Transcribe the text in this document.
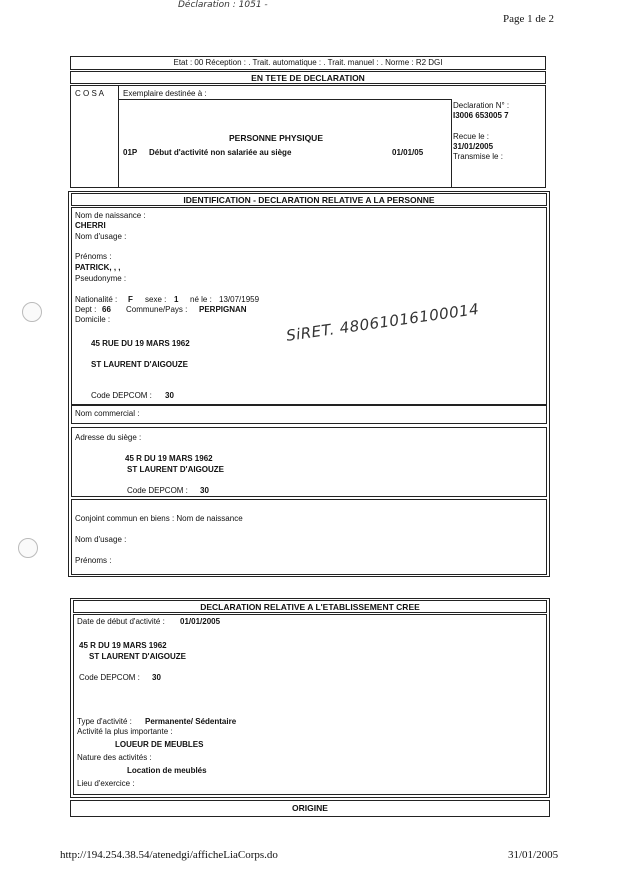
Déclaration : 1051 -
Page 1 de 2
Etat : 00 Réception : . Trait. automatique : . Trait. manuel : . Norme : R2 DGI
EN TETE DE DECLARATION
C O S A Exemplaire destinée à :
PERSONNE PHYSIQUE
01P Début d'activité non salariée au siège	01/01/05
Declaration N° :
I3006 653005 7
Recue le :
31/01/2005
Transmise le :
IDENTIFICATION - DECLARATION RELATIVE A LA PERSONNE
Nom de naissance :
CHERRI
Nom d'usage :
Prénoms :
PATRICK, , ,
Pseudonyme :
Nationalité : F sexe : 1 né le : 13/07/1959
Dept : 66 Commune/Pays : PERPIGNAN
Domicile :
45 RUE DU 19 MARS 1962
ST LAURENT D'AIGOUZE
SiRET. 48061016100014
Code DEPCOM : 30
Nom commercial :
Adresse du siège :
45 R DU 19 MARS 1962
ST LAURENT D'AIGOUZE
Code DEPCOM : 30
Conjoint commun en biens : Nom de naissance
Nom d'usage :
Prénoms :
DECLARATION RELATIVE A L'ETABLISSEMENT CREE
Date de début d'activité : 01/01/2005
45 R DU 19 MARS 1962
ST LAURENT D'AIGOUZE
Code DEPCOM : 30
Type d'activité : Permanente/ Sédentaire
Activité la plus importante :
LOUEUR DE MEUBLES
Nature des activités :
Location de meublés
Lieu d'exercice :
ORIGINE
http://194.254.38.54/atenedgi/afficheLiaCorps.do	31/01/2005
